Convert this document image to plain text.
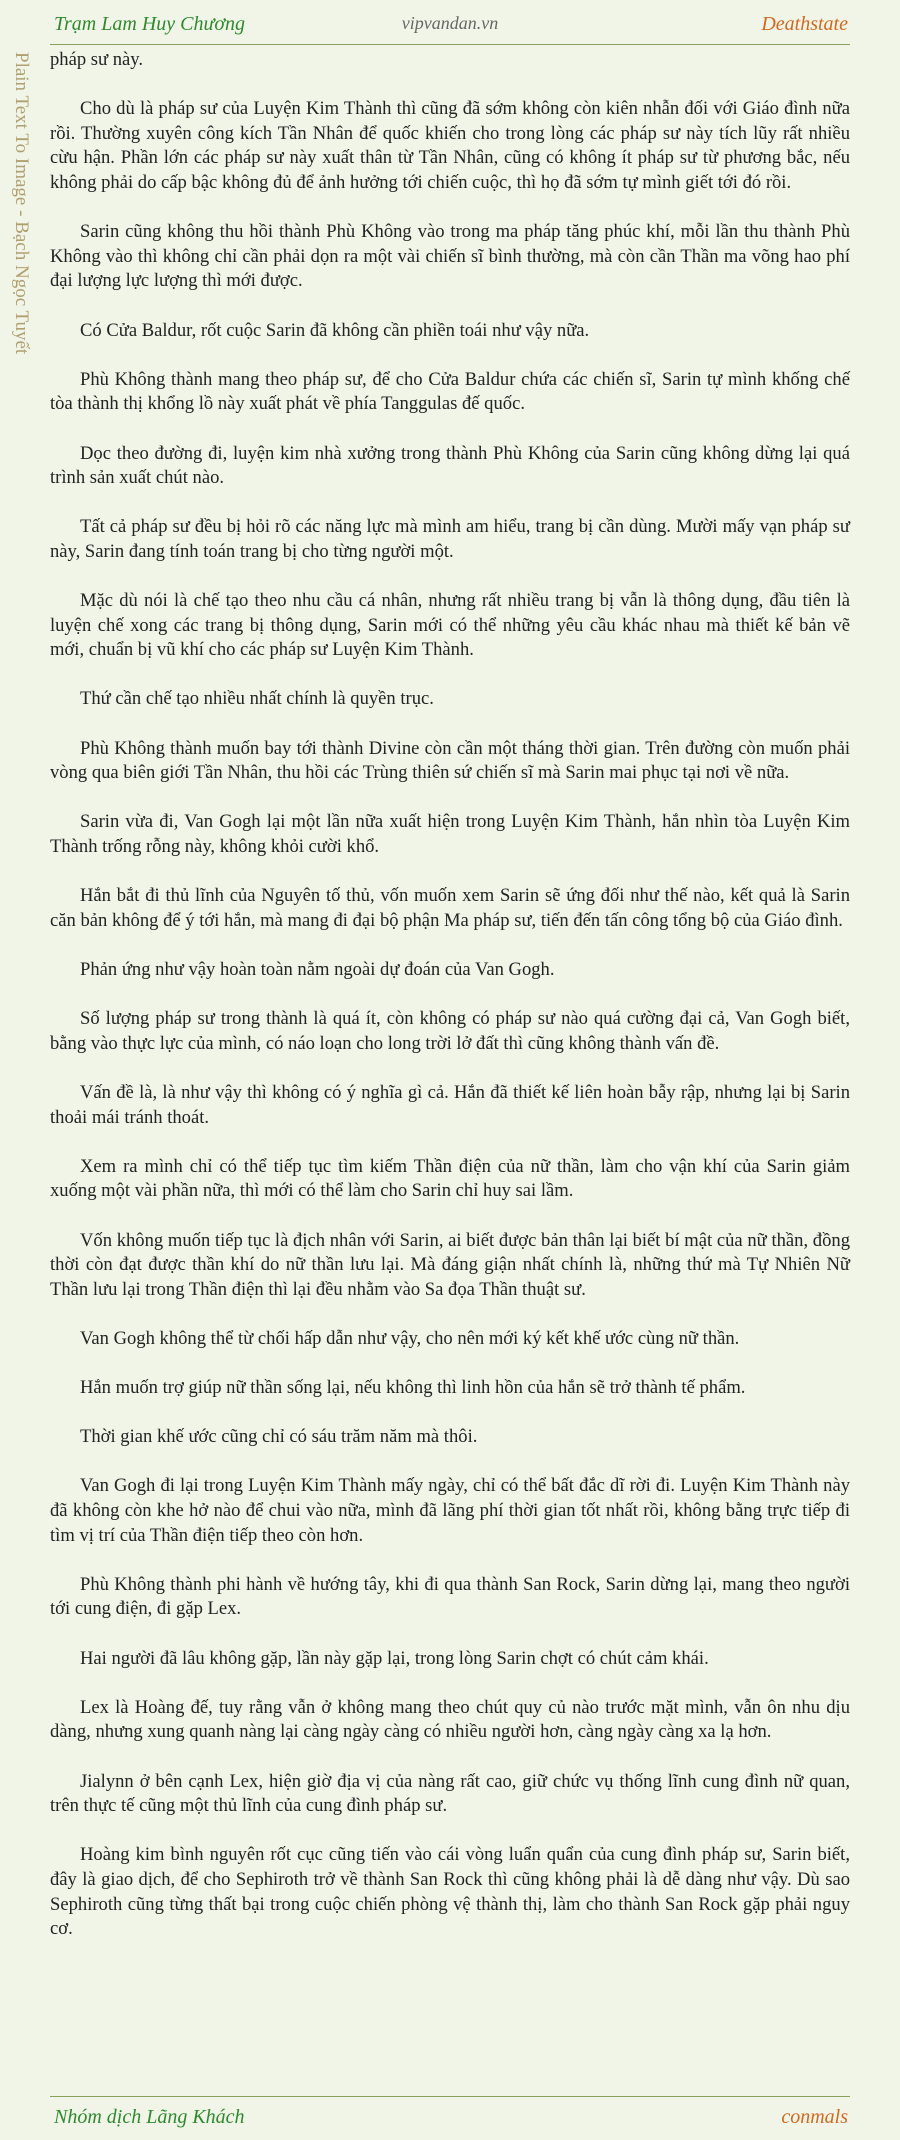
Trạm Lam Huy Chương	vipvandan.vn	Deathstate
Plain Text To Image - Bạch Ngọc Tuyết pháp sư này.

Cho dù là pháp sư của Luyện Kim Thành thì cũng đã sớm không còn kiên nhẫn đối với Giáo đình nữa rồi. Thường xuyên công kích Tần Nhân để quốc khiến cho trong lòng các pháp sư này tích lũy rất nhiều cừu hận. Phần lớn các pháp sư này xuất thân từ Tần Nhân, cũng có không ít pháp sư từ phương bắc, nếu không phải do cấp bậc không đủ để ảnh hưởng tới chiến cuộc, thì họ đã sớm tự mình giết tới đó rồi.

Sarin cũng không thu hồi thành Phù Không vào trong ma pháp tăng phúc khí, mỗi lần thu thành Phù Không vào thì không chỉ cần phải dọn ra một vài chiến sĩ bình thường, mà còn cần Thần ma võng hao phí đại lượng lực lượng thì mới được.

Có Cửa Baldur, rốt cuộc Sarin đã không cần phiền toái như vậy nữa.

Phù Không thành mang theo pháp sư, để cho Cửa Baldur chứa các chiến sĩ, Sarin tự mình khống chế tòa thành thị khổng lồ này xuất phát về phía Tanggulas đế quốc.

Dọc theo đường đi, luyện kim nhà xưởng trong thành Phù Không của Sarin cũng không dừng lại quá trình sản xuất chút nào.

Tất cả pháp sư đều bị hỏi rõ các năng lực mà mình am hiểu, trang bị cần dùng. Mười mấy vạn pháp sư này, Sarin đang tính toán trang bị cho từng người một.

Mặc dù nói là chế tạo theo nhu cầu cá nhân, nhưng rất nhiều trang bị vẫn là thông dụng, đầu tiên là luyện chế xong các trang bị thông dụng, Sarin mới có thể những yêu cầu khác nhau mà thiết kế bản vẽ mới, chuẩn bị vũ khí cho các pháp sư Luyện Kim Thành.

Thứ cần chế tạo nhiều nhất chính là quyền trục.

Phù Không thành muốn bay tới thành Divine còn cần một tháng thời gian. Trên đường còn muốn phải vòng qua biên giới Tần Nhân, thu hồi các Trùng thiên sứ chiến sĩ mà Sarin mai phục tại nơi về nữa.

Sarin vừa đi, Van Gogh lại một lần nữa xuất hiện trong Luyện Kim Thành, hắn nhìn tòa Luyện Kim Thành trống rỗng này, không khỏi cười khổ.

Hắn bắt đi thủ lĩnh của Nguyên tố thủ, vốn muốn xem Sarin sẽ ứng đối như thế nào, kết quả là Sarin căn bản không để ý tới hắn, mà mang đi đại bộ phận Ma pháp sư, tiến đến tấn công tổng bộ của Giáo đình.

Phản ứng như vậy hoàn toàn nằm ngoài dự đoán của Van Gogh.

Số lượng pháp sư trong thành là quá ít, còn không có pháp sư nào quá cường đại cả, Van Gogh biết, bằng vào thực lực của mình, có náo loạn cho long trời lở đất thì cũng không thành vấn đề.

Vấn đề là, là như vậy thì không có ý nghĩa gì cả. Hắn đã thiết kế liên hoàn bẫy rập, nhưng lại bị Sarin thoải mái tránh thoát.

Xem ra mình chỉ có thể tiếp tục tìm kiếm Thần điện của nữ thần, làm cho vận khí của Sarin giảm xuống một vài phần nữa, thì mới có thể làm cho Sarin chỉ huy sai lầm.

Vốn không muốn tiếp tục là địch nhân với Sarin, ai biết được bản thân lại biết bí mật của nữ thần, đồng thời còn đạt được thần khí do nữ thần lưu lại. Mà đáng giận nhất chính là, những thứ mà Tự Nhiên Nữ Thần lưu lại trong Thần điện thì lại đều nhằm vào Sa đọa Thần thuật sư.

Van Gogh không thể từ chối hấp dẫn như vậy, cho nên mới ký kết khế ước cùng nữ thần.

Hắn muốn trợ giúp nữ thần sống lại, nếu không thì linh hồn của hắn sẽ trở thành tế phẩm.

Thời gian khế ước cũng chỉ có sáu trăm năm mà thôi.

Van Gogh đi lại trong Luyện Kim Thành mấy ngày, chỉ có thể bất đắc dĩ rời đi. Luyện Kim Thành này đã không còn khe hở nào để chui vào nữa, mình đã lãng phí thời gian tốt nhất rồi, không bằng trực tiếp đi tìm vị trí của Thần điện tiếp theo còn hơn.

Phù Không thành phi hành về hướng tây, khi đi qua thành San Rock, Sarin dừng lại, mang theo người tới cung điện, đi gặp Lex.

Hai người đã lâu không gặp, lần này gặp lại, trong lòng Sarin chợt có chút cảm khái.

Lex là Hoàng đế, tuy rằng vẫn ở không mang theo chút quy củ nào trước mặt mình, vẫn ôn nhu dịu dàng, nhưng xung quanh nàng lại càng ngày càng có nhiều người hơn, càng ngày càng xa lạ hơn.

Jialynn ở bên cạnh Lex, hiện giờ địa vị của nàng rất cao, giữ chức vụ thống lĩnh cung đình nữ quan, trên thực tế cũng một thủ lĩnh của cung đình pháp sư.

Hoàng kim bình nguyên rốt cục cũng tiến vào cái vòng luẩn quẩn của cung đình pháp sư, Sarin biết, đây là giao dịch, để cho Sephiroth trở về thành San Rock thì cũng không phải là dễ dàng như vậy. Dù sao Sephiroth cũng từng thất bại trong cuộc chiến phòng vệ thành thị, làm cho thành San Rock gặp phải nguy cơ.

Nhóm dịch Lãng Khách	conmals
